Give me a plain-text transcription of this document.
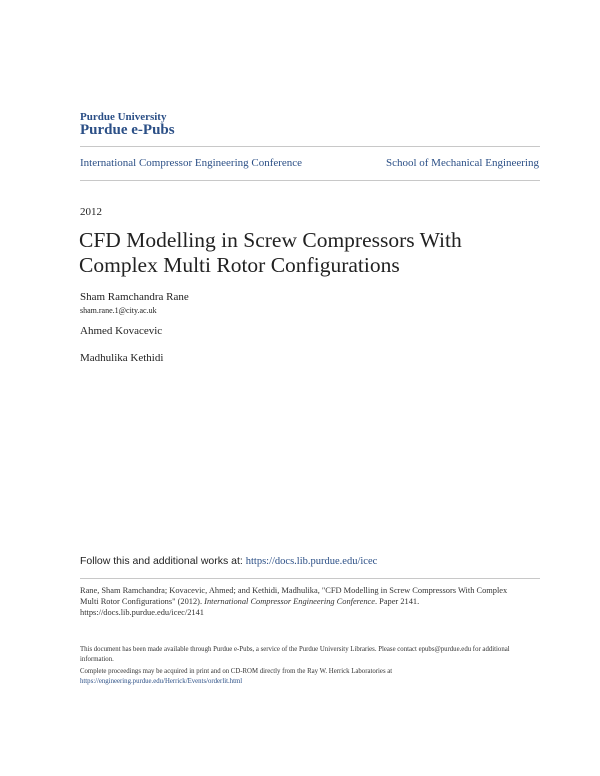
Purdue University
Purdue e-Pubs
International Compressor Engineering Conference	School of Mechanical Engineering
2012
CFD Modelling in Screw Compressors With Complex Multi Rotor Configurations
Sham Ramchandra Rane
sham.rane.1@city.ac.uk
Ahmed Kovacevic
Madhulika Kethidi
Follow this and additional works at: https://docs.lib.purdue.edu/icec
Rane, Sham Ramchandra; Kovacevic, Ahmed; and Kethidi, Madhulika, "CFD Modelling in Screw Compressors With Complex Multi Rotor Configurations" (2012). International Compressor Engineering Conference. Paper 2141.
https://docs.lib.purdue.edu/icec/2141
This document has been made available through Purdue e-Pubs, a service of the Purdue University Libraries. Please contact epubs@purdue.edu for additional information.
Complete proceedings may be acquired in print and on CD-ROM directly from the Ray W. Herrick Laboratories at https://engineering.purdue.edu/Herrick/Events/orderlit.html
